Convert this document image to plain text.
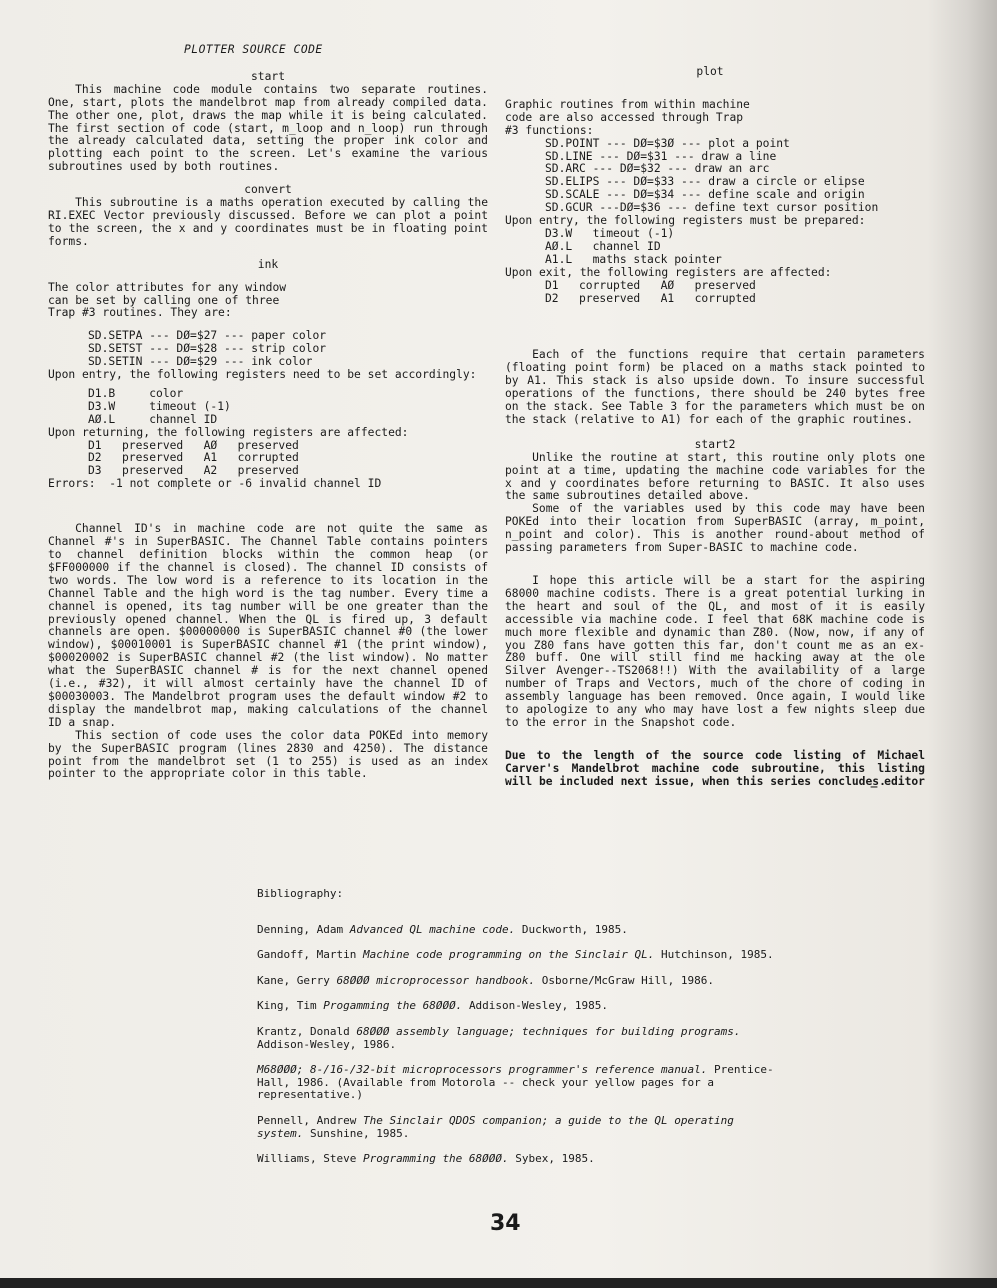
PLOTTER SOURCE CODE
start

This machine code module contains two separate routines. One, start, plots the mandelbrot map from already compiled data. The other one, plot, draws the map while it is being calculated. The first section of code (start, m_loop and n_loop) run through the already calculated data, setting the proper ink color and plotting each point to the screen. Let's examine the various subroutines used by both routines.

convert

This subroutine is a maths operation executed by calling the RI.EXEC Vector previously discussed. Before we can plot a point to the screen, the x and y coordinates must be in floating point forms.

ink

The color attributes for any window can be set by calling one of three Trap #3 routines. They are:

SD.SETPA --- DØ=$27 --- paper color
SD.SETST --- DØ=$28 --- strip color
SD.SETIN --- DØ=$29 --- ink color

Upon entry, the following registers need to be set accordingly:

D1.B     color
D3.W     timeout (-1)
AØ.L     channel ID

Upon returning, the following registers are affected:

D1   preserved   AØ   preserved
D2   preserved   A1   corrupted
D3   preserved   A2   preserved
Errors:  -1 not complete or -6 invalid channel ID

Channel ID's in machine code are not quite the same as Channel #'s in SuperBASIC. The Channel Table contains pointers to channel definition blocks within the common heap (or $FF000000 if the channel is closed). The channel ID consists of two words. The low word is a reference to its location in the Channel Table and the high word is the tag number. Every time a channel is opened, its tag number will be one greater than the previously opened channel. When the QL is fired up, 3 default channels are open. $00000000 is SuperBASIC channel #0 (the lower window), $00010001 is SuperBASIC channel #1 (the print window), $00020002 is SuperBASIC channel #2 (the list window). No matter what the SuperBASIC channel # is for the next channel opened (i.e., #32), it will almost certainly have the channel ID of $00030003. The Mandelbrot program uses the default window #2 to display the mandelbrot map, making calculations of the channel ID a snap.

This section of code uses the color data POKEd into memory by the SuperBASIC program (lines 2830 and 4250). The distance point from the mandelbrot set (1 to 255) is used as an index pointer to the appropriate color in this table.

plot

Graphic routines from within machine code are also accessed through Trap #3 functions:

SD.POINT --- DØ=$3Ø --- plot a point
SD.LINE --- DØ=$31 --- draw a line
SD.ARC --- DØ=$32 --- draw an arc
SD.ELIPS --- DØ=$33 --- draw a circle or elipse
SD.SCALE --- DØ=$34 --- define scale and origin
SD.GCUR ---DØ=$36 --- define text cursor position

Upon entry, the following registers must be prepared:

D3.W   timeout (-1)
AØ.L   channel ID
A1.L   maths stack pointer

Upon exit, the following registers are affected:

D1   corrupted   AØ   preserved
D2   preserved   A1   corrupted

Each of the functions require that certain parameters (floating point form) be placed on a maths stack pointed to by A1. This stack is also upside down. To insure successful operations of the functions, there should be 240 bytes free on the stack. See Table 3 for the parameters which must be on the stack (relative to A1) for each of the graphic routines.

start2

Unlike the routine at start, this routine only plots one point at a time, updating the machine code variables for the x and y coordinates before returning to BASIC. It also uses the same subroutines detailed above.

Some of the variables used by this code may have been POKEd into their location from SuperBASIC (array, m_point, n_point and color). This is another round-about method of passing parameters from Super-BASIC to machine code.

I hope this article will be a start for the aspiring 68000 machine codists. There is a great potential lurking in the heart and soul of the QL, and most of it is easily accessible via machine code. I feel that 68K machine code is much more flexible and dynamic than Z80. (Now, now, if any of you Z80 fans have gotten this far, don't count me as an ex-Z80 buff. One will still find me hacking away at the ole Silver Avenger--TS2068!!) With the availability of a large number of Traps and Vectors, much of the chore of coding in assembly language has been removed. Once again, I would like to apologize to any who may have lost a few nights sleep due to the error in the Snapshot code.

Due to the length of the source code listing of Michael Carver's Mandelbrot machine code subroutine, this listing will be included next issue, when this series concludes.

_ editor

Bibliography:

Denning, Adam Advanced QL machine code. Duckworth, 1985.

Gandoff, Martin Machine code programming on the Sinclair QL. Hutchinson, 1985.

Kane, Gerry 68ØØØ microprocessor handbook. Osborne/McGraw Hill, 1986.

King, Tim Progamming the 68ØØØ. Addison-Wesley, 1985.

Krantz, Donald 68ØØØ assembly language; techniques for building programs. Addison-Wesley, 1986.

M68ØØØ; 8-/16-/32-bit microprocessors programmer's reference manual. Prentice-Hall, 1986. (Available from Motorola -- check your yellow pages for a representative.)

Pennell, Andrew The Sinclair QDOS companion; a guide to the QL operating system. Sunshine, 1985.

Williams, Steve Programming the 68ØØØ. Sybex, 1985.

34
